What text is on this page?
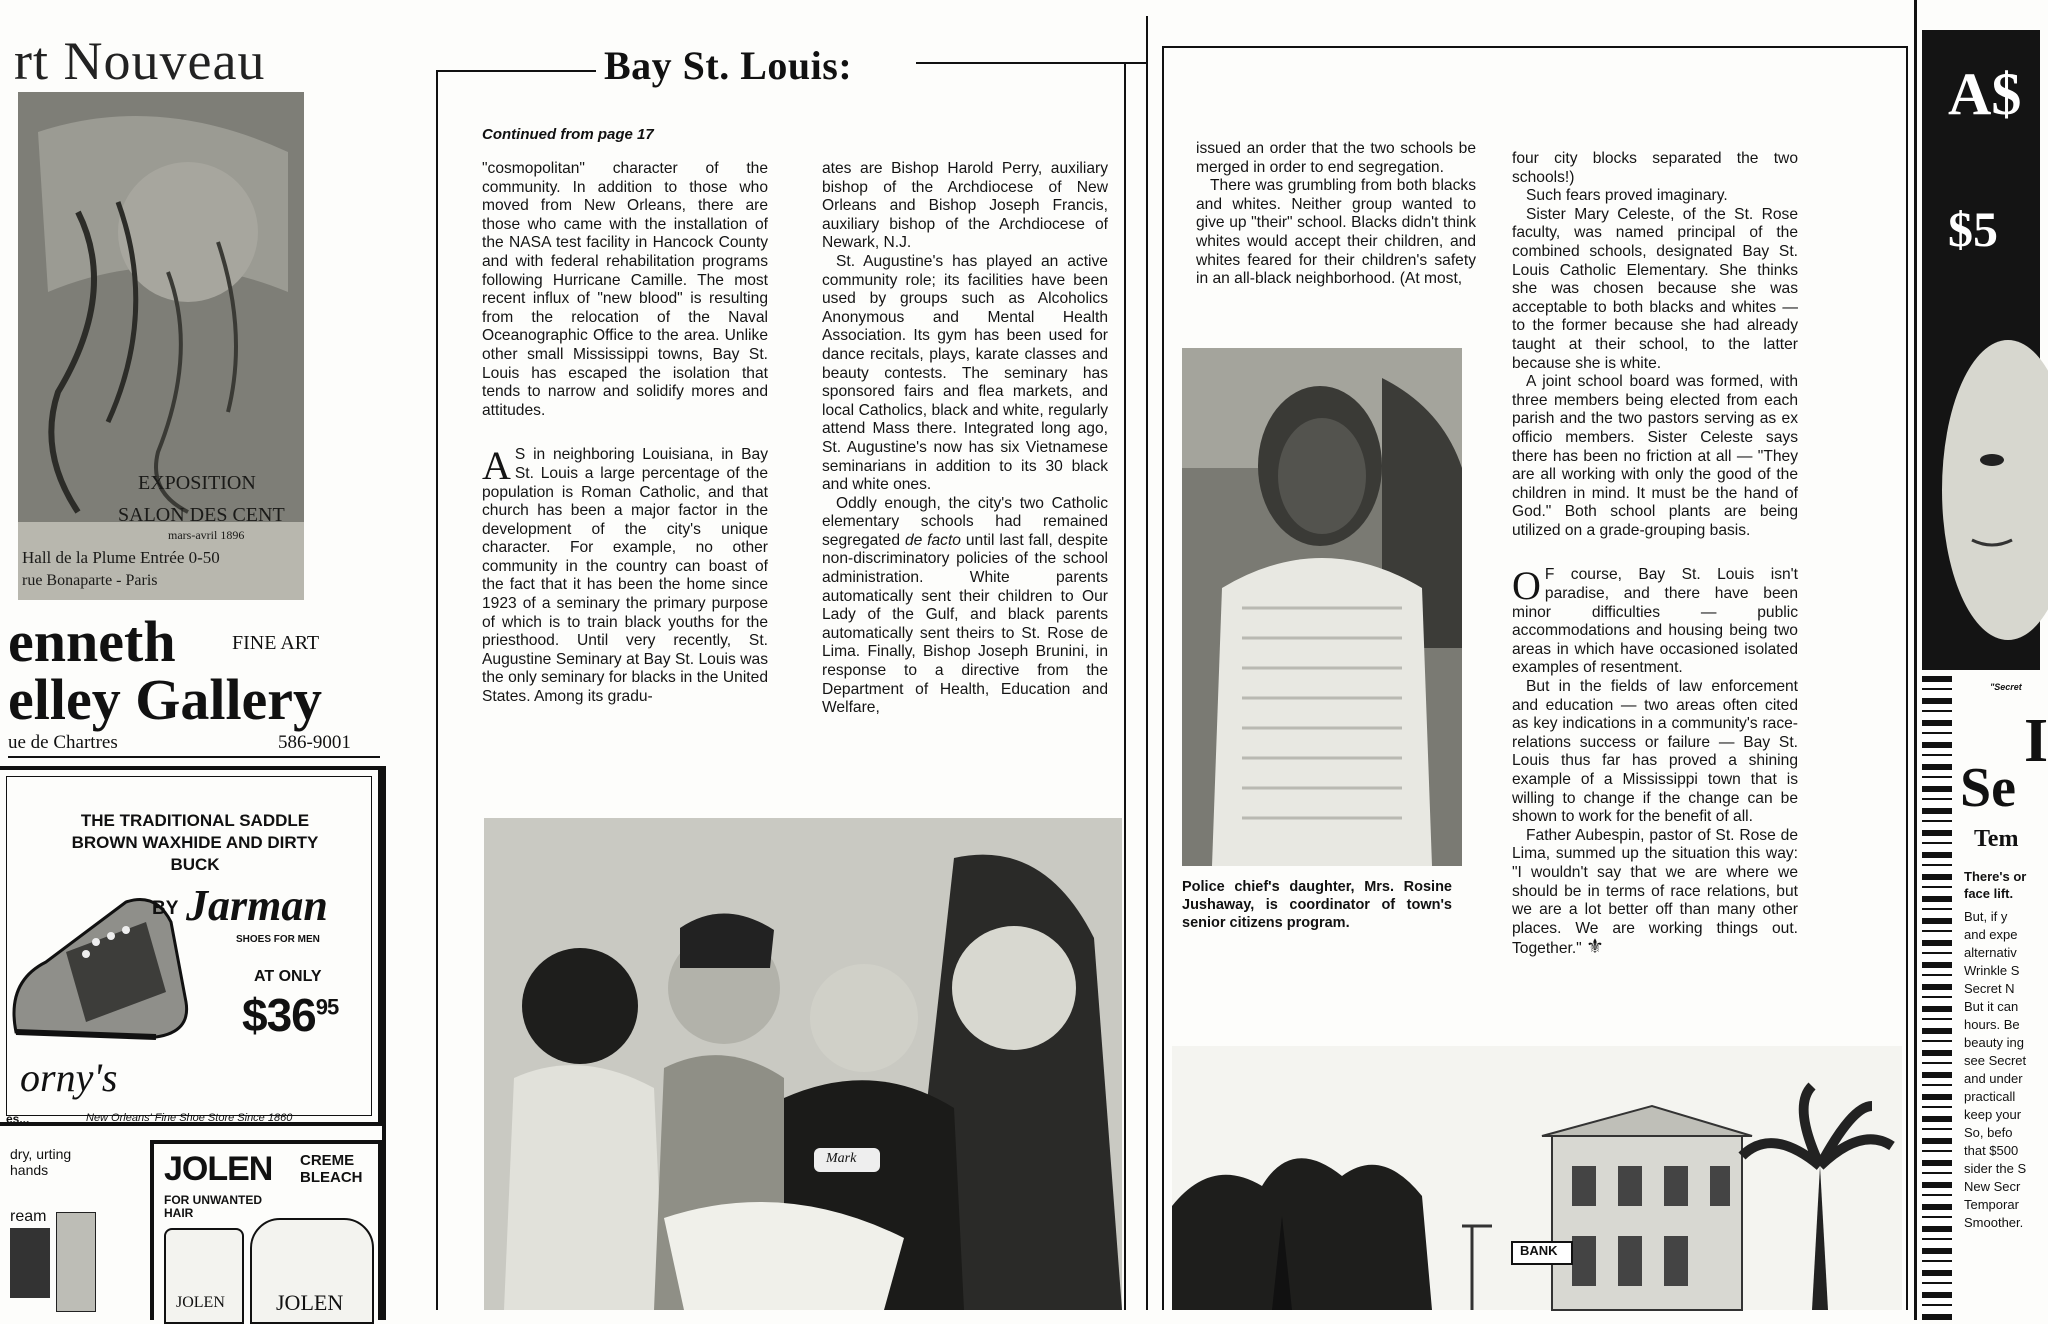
rt Nouveau
EXPOSITION
mars-avril 1896
SALON DES CENT
Hall de la Plume Entrée 0-50
rue Bonaparte - Paris
enneth	FINE ART
elley Gallery
ue de Chartres	586-9001
THE TRADITIONAL SADDLE BROWN WAXHIDE AND DIRTY BUCK
BY Jarman
SHOES FOR MEN
AT ONLY
$\$36^{95}$
orny's
es...	New Orleans' Fine Shoe Store Since 1860
dry, urting hands
ream
JOLEN CREME BLEACH
FOR UNWANTED HAIR
JOLEN JOLEN
Bay St. Louis:
Continued from page 17

"cosmopolitan" character of the community. In addition to those who moved from New Orleans, there are those who came with the installation of the NASA test facility in Hancock County and with federal rehabilitation programs following Hurricane Camille. The most recent influx of "new blood" is resulting from the relocation of the Naval Oceanographic Office to the area. Unlike other small Mississippi towns, Bay St. Louis has escaped the isolation that tends to narrow and solidify mores and attitudes.

A S in neighboring Louisiana, in Bay St. Louis a large percentage of the population is Roman Catholic, and that church has been a major factor in the development of the city's unique character. For example, no other community in the country can boast of the fact that it has been the home since 1923 of a seminary the primary purpose of which is to train black youths for the priesthood. Until very recently, St. Augustine Seminary at Bay St. Louis was the only seminary for blacks in the United States. Among its gradu-

ates are Bishop Harold Perry, auxiliary bishop of the Archdiocese of New Orleans and Bishop Joseph Francis, auxiliary bishop of the Archdiocese of Newark, N.J.

St. Augustine's has played an active community role; its facilities have been used by groups such as Alcoholics Anonymous and Mental Health Association. Its gym has been used for dance recitals, plays, karate classes and beauty contests. The seminary has sponsored fairs and flea markets, and local Catholics, black and white, regularly attend Mass there. Integrated long ago, St. Augustine's now has six Vietnamese seminarians in addition to its 30 black and white ones.

Oddly enough, the city's two Catholic elementary schools had remained segregated de facto until last fall, despite non-discriminatory policies of the school administration. White parents automatically sent their children to Our Lady of the Gulf, and black parents automatically sent theirs to St. Rose de Lima. Finally, Bishop Joseph Brunini, in response to a directive from the Department of Health, Education and Welfare,

Mark

issued an order that the two schools be merged in order to end segregation.

There was grumbling from both blacks and whites. Neither group wanted to give up "their" school. Blacks didn't think whites would accept their children, and whites feared for their children's safety in an all-black neighborhood. (At most,

Police chief's daughter, Mrs. Rosine Jushaway, is coordinator of town's senior citizens program.

four city blocks separated the two schools!)

Such fears proved imaginary.

Sister Mary Celeste, of the St. Rose faculty, was named principal of the combined schools, designated Bay St. Louis Catholic Elementary. She thinks she was chosen because she was acceptable to both blacks and whites — to the former because she had already taught at their school, to the latter because she is white.

A joint school board was formed, with three members being elected from each parish and the two pastors serving as ex officio members. Sister Celeste says there has been no friction at all — "They are all working with only the good of the children in mind. It must be the hand of God." Both school plants are being utilized on a grade-grouping basis.

O F course, Bay St. Louis isn't paradise, and there have been minor difficulties — public accommodations and housing being two areas in which have occasioned isolated examples of resentment.

But in the fields of law enforcement and education — two areas often cited as key indications in a community's race-relations success or failure — Bay St. Louis thus far has proved a shining example of a Mississippi town that is willing to change if the change can be shown to work for the benefit of all.

Father Aubespin, pastor of St. Rose de Lima, summed up the situation this way: "I wouldn't say that we are where we should be in terms of race relations, but we are a lot better off than many other places. We are working things out. Together." ⚜

BANK
A$
$5
"Secret
I
Se
Tem
There's or face lift.
But, if y
and expe
alternativ
Wrinkle S
Secret N
But it can
hours. Be
beauty ing
see Secret
and under
practicall
keep your
So, befo
that $500
sider the S
New Secr
Temporar
Smoother.
